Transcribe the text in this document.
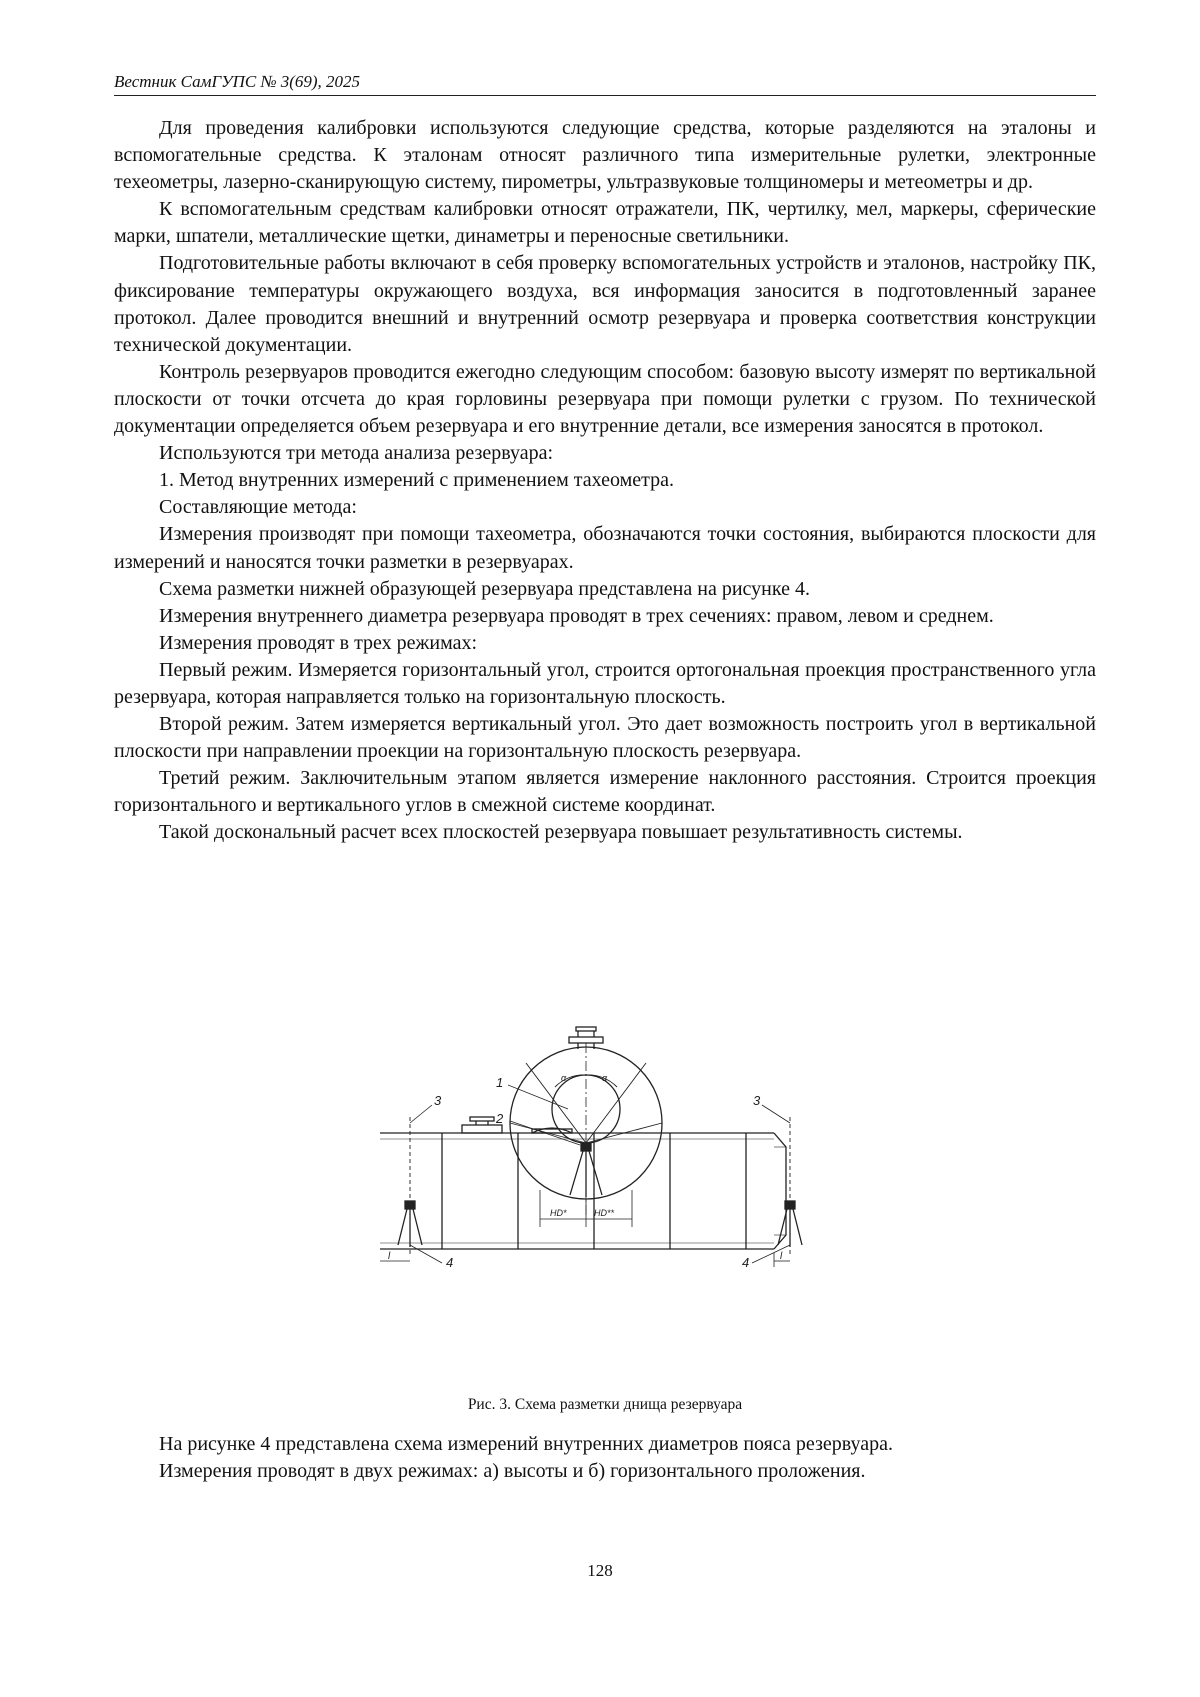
Вестник СамГУПС № 3(69), 2025

Для проведения калибровки используются следующие средства, которые разделяются на эталоны и вспомогательные средства. К эталонам относят различного типа измерительные рулетки, электронные техеометры, лазерно-сканирующую систему, пирометры, ультразвуковые толщиномеры и метеометры и др.

К вспомогательным средствам калибровки относят отражатели, ПК, чертилку, мел, маркеры, сферические марки, шпатели, металлические щетки, динаметры и переносные светильники.

Подготовительные работы включают в себя проверку вспомогательных устройств и эталонов, настройку ПК, фиксирование температуры окружающего воздуха, вся информация заносится в подготовленный заранее протокол. Далее проводится внешний и внутренний осмотр резервуара и проверка соответствия конструкции технической документации.

Контроль резервуаров проводится ежегодно следующим способом: базовую высоту измерят по вертикальной плоскости от точки отсчета до края горловины резервуара при помощи рулетки с грузом. По технической документации определяется объем резервуара и его внутренние детали, все измерения заносятся в протокол.

Используются три метода анализа резервуара:

1. Метод внутренних измерений с применением тахеометра.

Составляющие метода:

Измерения производят при помощи тахеометра, обозначаются точки состояния, выбираются плоскости для измерений и наносятся точки разметки в резервуарах.

Схема разметки нижней образующей резервуара представлена на рисунке 4.

Измерения внутреннего диаметра резервуара проводят в трех сечениях: правом, левом и среднем.

Измерения проводят в трех режимах:

Первый режим. Измеряется горизонтальный угол, строится ортогональная проекция пространственного угла резервуара, которая направляется только на горизонтальную плоскость.

Второй режим. Затем измеряется вертикальный угол. Это дает возможность построить угол в вертикальной плоскости при направлении проекции на горизонтальную плоскость резервуара.

Третий режим. Заключительным этапом является измерение наклонного расстояния. Строится проекция горизонтального и вертикального углов в смежной системе координат.

Такой доскональный расчет всех плоскостей резервуара повышает результативность системы.

1
2
α	α
HD*	HD**
3	3
4	4
l	l
Рис. 3. Схема разметки днища резервуара

На рисунке 4 представлена схема измерений внутренних диаметров пояса резервуара.

Измерения проводят в двух режимах: а) высоты и б) горизонтального проложения.

128
